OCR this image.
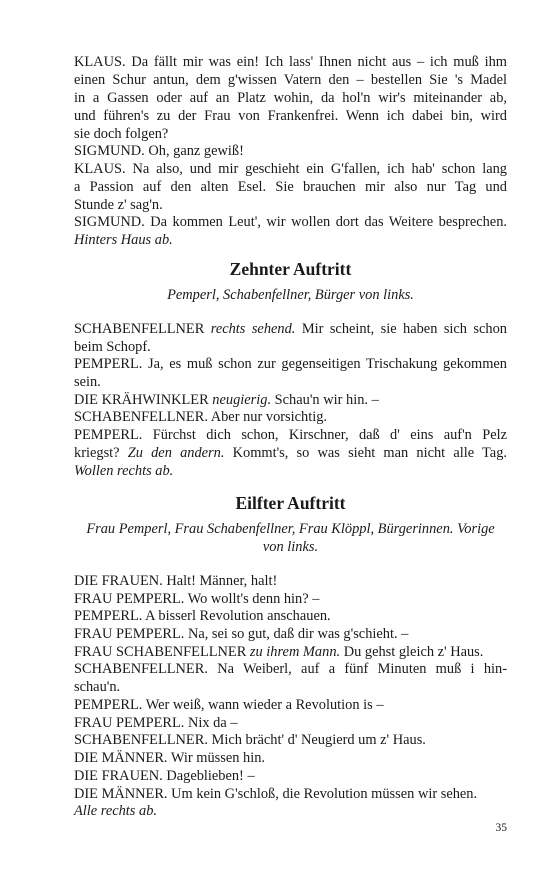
KLAUS. Da fällt mir was ein! Ich lass' Ihnen nicht aus – ich muß ihm
einen Schur antun, dem g'wissen Vatern den – bestellen Sie 's Madel
in a Gassen oder auf an Platz wohin, da hol'n wir's miteinander ab,
und führen's zu der Frau von Frankenfrei. Wenn ich dabei bin, wird
sie doch folgen?
SIGMUND. Oh, ganz gewiß!
KLAUS. Na also, und mir geschieht ein G'fallen, ich hab' schon lang
a Passion auf den alten Esel. Sie brauchen mir also nur Tag und
Stunde z' sag'n.
SIGMUND. Da kommen Leut', wir wollen dort das Weitere besprechen.
Hinters Haus ab.
Zehnter Auftritt
Pemperl, Schabenfellner, Bürger von links.
SCHABENFELLNER rechts sehend. Mir scheint, sie haben sich schon
beim Schopf.
PEMPERL. Ja, es muß schon zur gegenseitigen Trischakung gekommen
sein.
DIE KRÄHWINKLER neugierig. Schau'n wir hin. –
SCHABENFELLNER. Aber nur vorsichtig.
PEMPERL. Fürchst dich schon, Kirschner, daß d' eins auf'n Pelz
kriegst? Zu den andern. Kommt's, so was sieht man nicht alle Tag.
Wollen rechts ab.
Eilfter Auftritt
Frau Pemperl, Frau Schabenfellner, Frau Klöppl, Bürgerinnen. Vorige
von links.
DIE FRAUEN. Halt! Männer, halt!
FRAU PEMPERL. Wo wollt's denn hin? –
PEMPERL. A bisserl Revolution anschauen.
FRAU PEMPERL. Na, sei so gut, daß dir was g'schieht. –
FRAU SCHABENFELLNER zu ihrem Mann. Du gehst gleich z' Haus.
SCHABENFELLNER. Na Weiberl, auf a fünf Minuten muß i hin-
schau'n.
PEMPERL. Wer weiß, wann wieder a Revolution is –
FRAU PEMPERL. Nix da –
SCHABENFELLNER. Mich brächt' d' Neugierd um z' Haus.
DIE MÄNNER. Wir müssen hin.
DIE FRAUEN. Dageblieben! –
DIE MÄNNER. Um kein G'schloß, die Revolution müssen wir sehen.
Alle rechts ab.
35
